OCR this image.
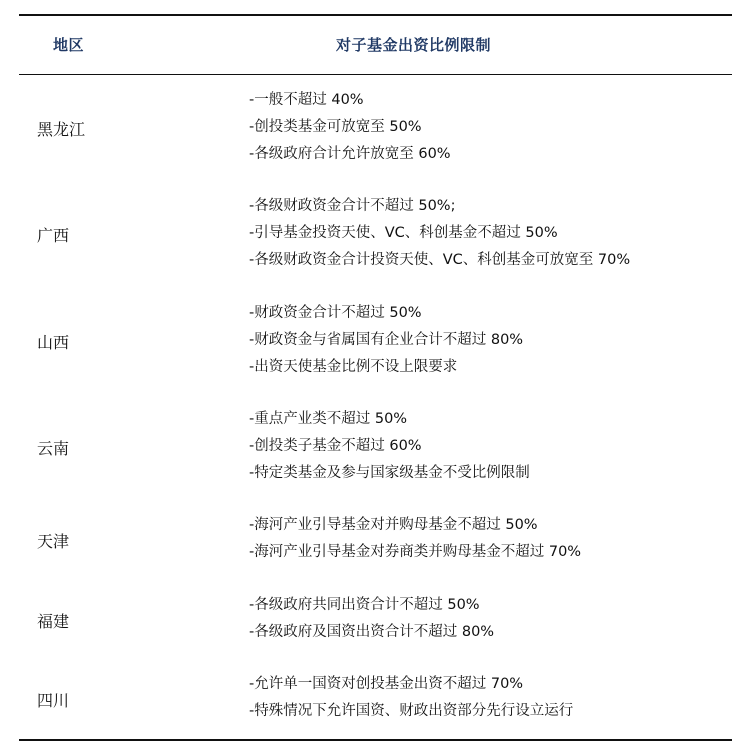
地区	对子基金出资比例限制
黑龙江
-一般不超过 40%
-创投类基金可放宽至 50%
-各级政府合计允许放宽至 60%
广西
-各级财政资金合计不超过 50%;
-引导基金投资天使、VC、科创基金不超过 50%
-各级财政资金合计投资天使、VC、科创基金可放宽至 70%
山西
-财政资金合计不超过 50%
-财政资金与省属国有企业合计不超过 80%
-出资天使基金比例不设上限要求
云南
-重点产业类不超过 50%
-创投类子基金不超过 60%
-特定类基金及参与国家级基金不受比例限制
天津
-海河产业引导基金对并购母基金不超过 50%
-海河产业引导基金对券商类并购母基金不超过 70%
福建
-各级政府共同出资合计不超过 50%
-各级政府及国资出资合计不超过 80%
四川
-允许单一国资对创投基金出资不超过 70%
-特殊情况下允许国资、财政出资部分先行设立运行
